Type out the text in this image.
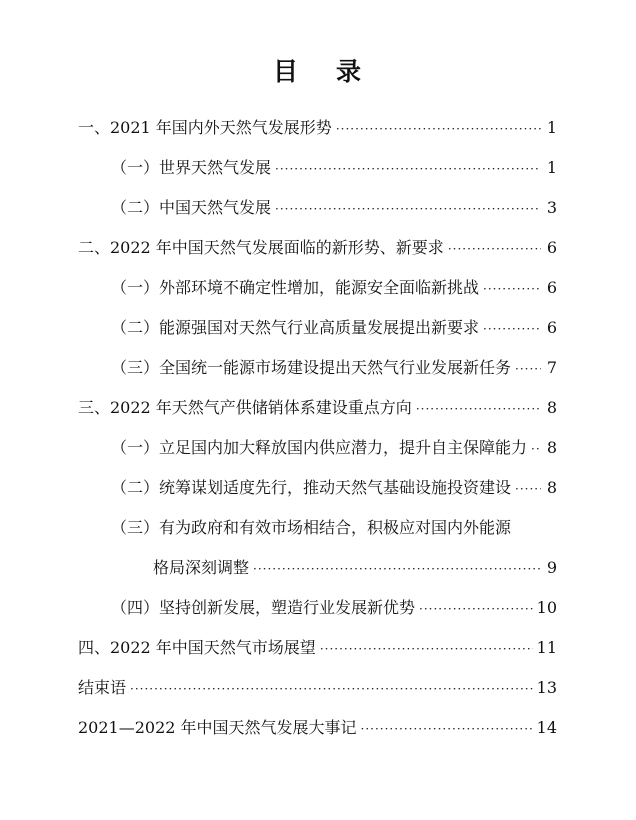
目 录
一、2021 年国内外天然气发展形势 ·····	1
（一）世界天然气发展 ·····	1
（二）中国天然气发展 ·····	3
二、2022 年中国天然气发展面临的新形势、新要求 ·····	6
（一）外部环境不确定性增加，能源安全面临新挑战 ·····	6
（二）能源强国对天然气行业高质量发展提出新要求 ·····	6
（三）全国统一能源市场建设提出天然气行业发展新任务 ····· 7
三、2022 年天然气产供储销体系建设重点方向 ·····	8
（一）立足国内加大释放国内供应潜力，提升自主保障能力 ····· 8
（二）统筹谋划适度先行，推动天然气基础设施投资建设 ····· 8
（三）有为政府和有效市场相结合，积极应对国内外能源
格局深刻调整 ·····	9
（四）坚持创新发展，塑造行业发展新优势 ·····	10
四、2022 年中国天然气市场展望 ·····	11
结束语 ·····	13
2021—2022 年中国天然气发展大事记 ·····	14
